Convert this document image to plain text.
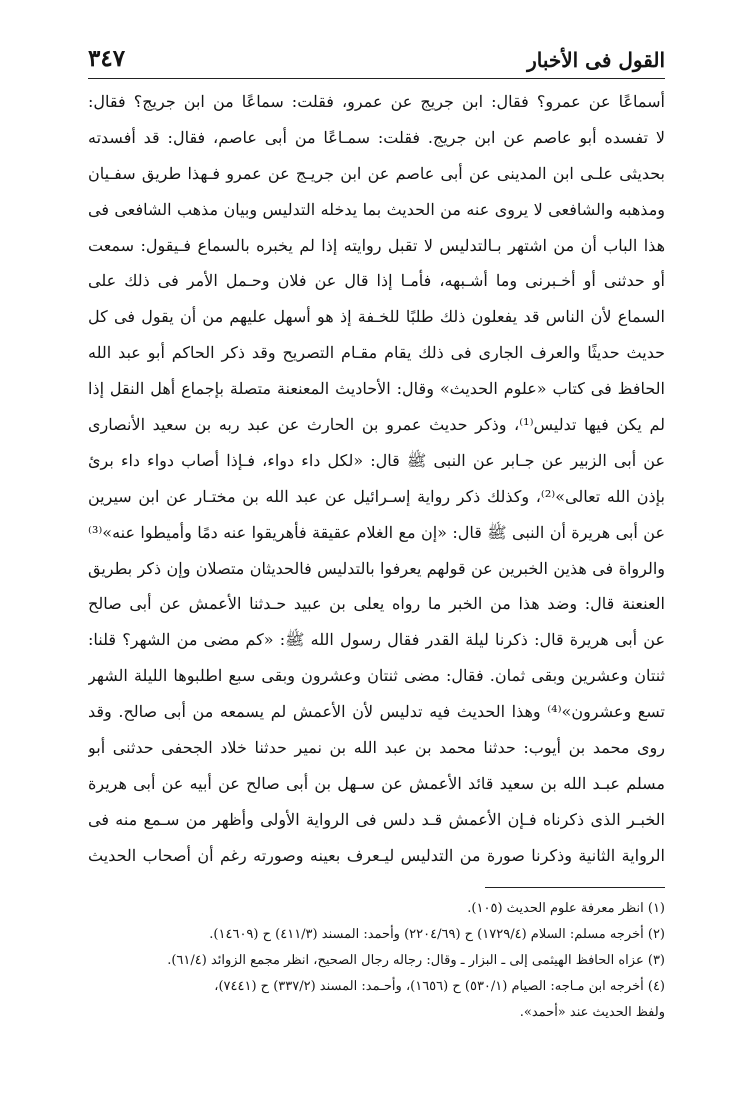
٣٤٧	القول فى الأخبار
أسماعًا عن عمرو؟ فقال: ابن جريج عن عمرو، فقلت: سماعًا من ابن جريج؟ فقال:
لا تفسده أبو عاصم عن ابن جريج. فقلت: سمـاعًا من أبى عاصم، فقال: قد أفسدته
بحديثى علـى ابن المدينى عن أبى عاصم عن ابن جريـج عن عمرو فـهذا طريق سفـيان
ومذهبه والشافعى لا يروى عنه من الحديث بما يدخله التدليس وبيان مذهب الشافعى فى
هذا الباب أن من اشتهر بـالتدليس لا تقبل روايته إذا لم يخبره بالسماع فـيقول: سمعت
أو حدثنى أو أخـبرنى وما أشـبهه، فأمـا إذا قال عن فلان وحـمل الأمر فى ذلك على
السماع لأن الناس قد يفعلون ذلك طلبًا للخـفة إذ هو أسهل عليهم من أن يقول فى كل
حديث حديثًا والعرف الجارى فى ذلك يقام مقـام التصريح وقد ذكر الحاكم أبو عبد الله
الحافظ فى كتاب «علوم الحديث» وقال: الأحاديث المعنعنة متصلة بإجماع أهل النقل إذا
لم يكن فيها تدليس⁽¹⁾، وذكر حديث عمرو بن الحارث عن عبد ربه بن سعيد الأنصارى
عن أبى الزبير عن جـابر عن النبى ﷺ قال: «لكل داء دواء، فـإذا أصاب دواء داء برئ
بإذن الله تعالى»⁽²⁾، وكذلك ذكر رواية إسـرائيل عن عبد الله بن مختـار عن ابن سيرين
عن أبى هريرة أن النبى ﷺ قال: «إن مع الغلام عقيقة فأهريقوا عنه دمًا وأميطوا عنه»⁽³⁾
والرواة فى هذين الخبرين عن قولهم يعرفوا بالتدليس فالحديثان متصلان وإن ذكر بطريق
العنعنة قال: وضد هذا من الخبر ما رواه يعلى بن عبيد حـدثنا الأعمش عن أبى صالح
عن أبى هريرة قال: ذكرنا ليلة القدر فقال رسول الله ﷺ: «كم مضى من الشهر؟ قلنا:
ثنتان وعشرين وبقى ثمان. فقال: مضى ثنتان وعشرون وبقى سبع اطلبوها الليلة الشهر
تسع وعشرون»⁽⁴⁾ وهذا الحديث فيه تدليس لأن الأعمش لم يسمعه من أبى صالح. وقد
روى محمد بن أيوب: حدثنا محمد بن عبد الله بن نمير حدثنا خلاد الجحفى حدثنى أبو
مسلم عبـد الله بن سعيد قائد الأعمش عن سـهل بن أبى صالح عن أبيه عن أبى هريرة
الخبـر الذى ذكرناه فـإن الأعمش قـد دلس فى الرواية الأولى وأظهر من سـمع منه فى
الرواية الثانية وذكرنا صورة من التدليس ليـعرف بعينه وصورته رغم أن أصحاب الحديث
(١) انظر معرفة علوم الحديث (١٠٥).
(٢) أخرجه مسلم: السلام (١٧٢٩/٤) ح (٢٢٠٤/٦٩) وأحمد: المسند (٤١١/٣) ح (١٤٦٠٩).
(٣) عزاه الحافظ الهيثمى إلى ـ البزار ـ وقال: رجاله رجال الصحيح، انظر مجمع الزوائد (٦١/٤).
(٤) أخرجه ابن مـاجه: الصيام (٥٣٠/١) ح (١٦٥٦)، وأحـمد: المسند (٣٣٧/٢) ح (٧٤٤١)،
ولفظ الحديث عند «أحمد».
